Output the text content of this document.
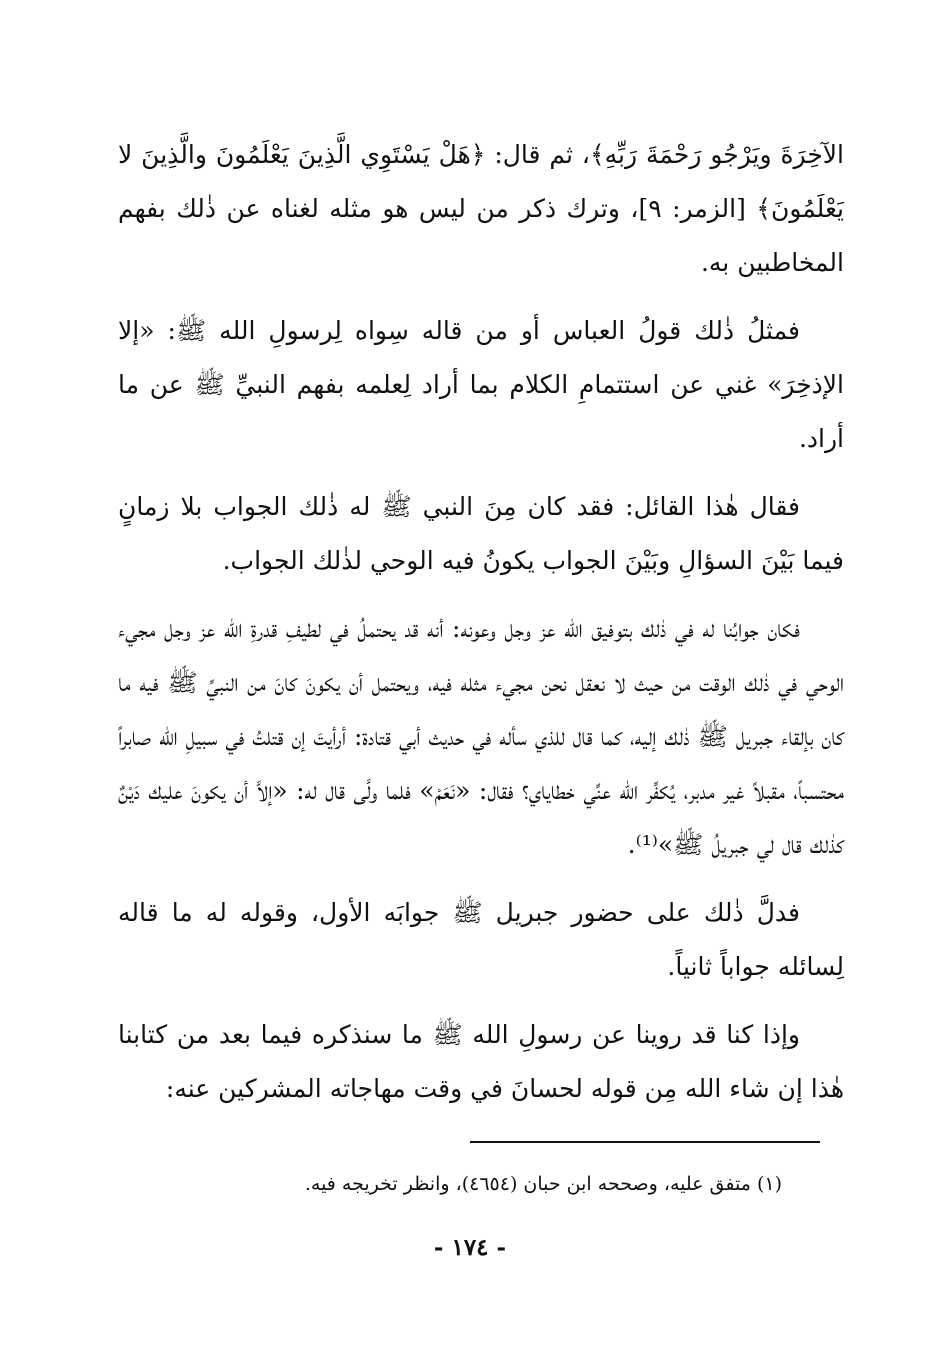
الآخِرَةَ ويَرْجُو رَحْمَةَ رَبِّهِ﴾، ثم قال: ﴿هَلْ يَسْتَوِي الَّذِينَ يَعْلَمُونَ والَّذِينَ لا يَعْلَمُونَ﴾ [الزمر: ٩]، وترك ذكر من ليس هو مثله لغناه عن ذٰلك بفهم المخاطبين به.

فمثلُ ذٰلك قولُ العباس أو من قاله سِواه لِرسولِ الله ﷺ: «إلا الإذخِرَ» غني عن استتمامِ الكلام بما أراد لِعلمه بفهم النبيِّ ﷺ عن ما أراد.

فقال هٰذا القائل: فقد كان مِنَ النبي ﷺ له ذٰلك الجواب بلا زمانٍ فيما بَيْنَ السؤالِ وبَيْنَ الجواب يكونُ فيه الوحي لذٰلك الجواب.

فكان جوابُنا له في ذٰلك بتوفيق الله عز وجل وعونه: أنه قد يحتملُ في لطيفِ قدرةِ الله عز وجل مجيء الوحي في ذٰلك الوقت من حيث لا نعقل نحن مجيء مثله فيه، ويحتمل أن يكونَ كانَ من النبيِّ ﷺ فيه ما كان بإلقاء جبريل ﷺ ذٰلك إليه، كما قال للذي سأله في حديث أبي قتادة: أرأيتَ إن قتلتُ في سبيلِ الله صابراً محتسباً، مقبلاً غير مدبر، يُكفِّر الله عنِّي خطاياي؟ فقال: «نَعَمْ» فلما ولَّى قال له: «إلاَّ أن يكونَ عليك دَيْنٌ كذٰلك قال لي جبريلُ ﷺ»⁽¹⁾.

فدلَّ ذٰلك على حضور جبريل ﷺ جوابَه الأول، وقوله له ما قاله لِسائله جواباً ثانياً.

وإذا كنا قد روينا عن رسولِ الله ﷺ ما سنذكره فيما بعد من كتابنا هٰذا إن شاء الله مِن قوله لحسانَ في وقت مهاجاته المشركين عنه:

(١) متفق عليه، وصححه ابن حبان (٤٦٥٤)، وانظر تخريجه فيه.
- ١٧٤ -
